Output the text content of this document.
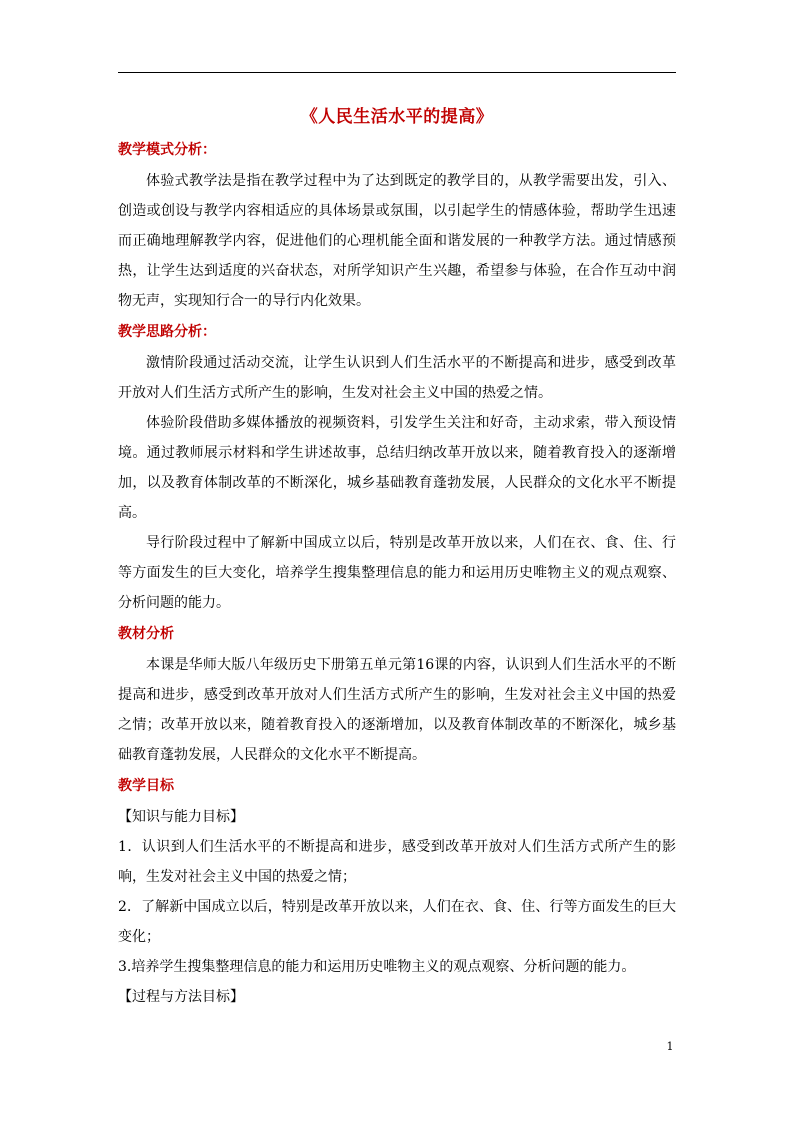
《人民生活水平的提高》
教学模式分析：

体验式教学法是指在教学过程中为了达到既定的教学目的，从教学需要出发，引入、创造或创设与教学内容相适应的具体场景或氛围，以引起学生的情感体验，帮助学生迅速而正确地理解教学内容，促进他们的心理机能全面和谐发展的一种教学方法。通过情感预热，让学生达到适度的兴奋状态，对所学知识产生兴趣，希望参与体验，在合作互动中润物无声，实现知行合一的导行内化效果。

教学思路分析：

激情阶段通过活动交流，让学生认识到人们生活水平的不断提高和进步，感受到改革开放对人们生活方式所产生的影响，生发对社会主义中国的热爱之情。

体验阶段借助多媒体播放的视频资料，引发学生关注和好奇，主动求索，带入预设情境。通过教师展示材料和学生讲述故事，总结归纳改革开放以来，随着教育投入的逐渐增加，以及教育体制改革的不断深化，城乡基础教育蓬勃发展，人民群众的文化水平不断提高。

导行阶段过程中了解新中国成立以后，特别是改革开放以来，人们在衣、食、住、行等方面发生的巨大变化，培养学生搜集整理信息的能力和运用历史唯物主义的观点观察、分析问题的能力。

教材分析

本课是华师大版八年级历史下册第五单元第16课的内容，认识到人们生活水平的不断提高和进步，感受到改革开放对人们生活方式所产生的影响，生发对社会主义中国的热爱之情；改革开放以来，随着教育投入的逐渐增加，以及教育体制改革的不断深化，城乡基础教育蓬勃发展，人民群众的文化水平不断提高。

教学目标

【知识与能力目标】

1．认识到人们生活水平的不断提高和进步，感受到改革开放对人们生活方式所产生的影响，生发对社会主义中国的热爱之情；

2．了解新中国成立以后，特别是改革开放以来，人们在衣、食、住、行等方面发生的巨大变化；

3.培养学生搜集整理信息的能力和运用历史唯物主义的观点观察、分析问题的能力。

【过程与方法目标】

1
